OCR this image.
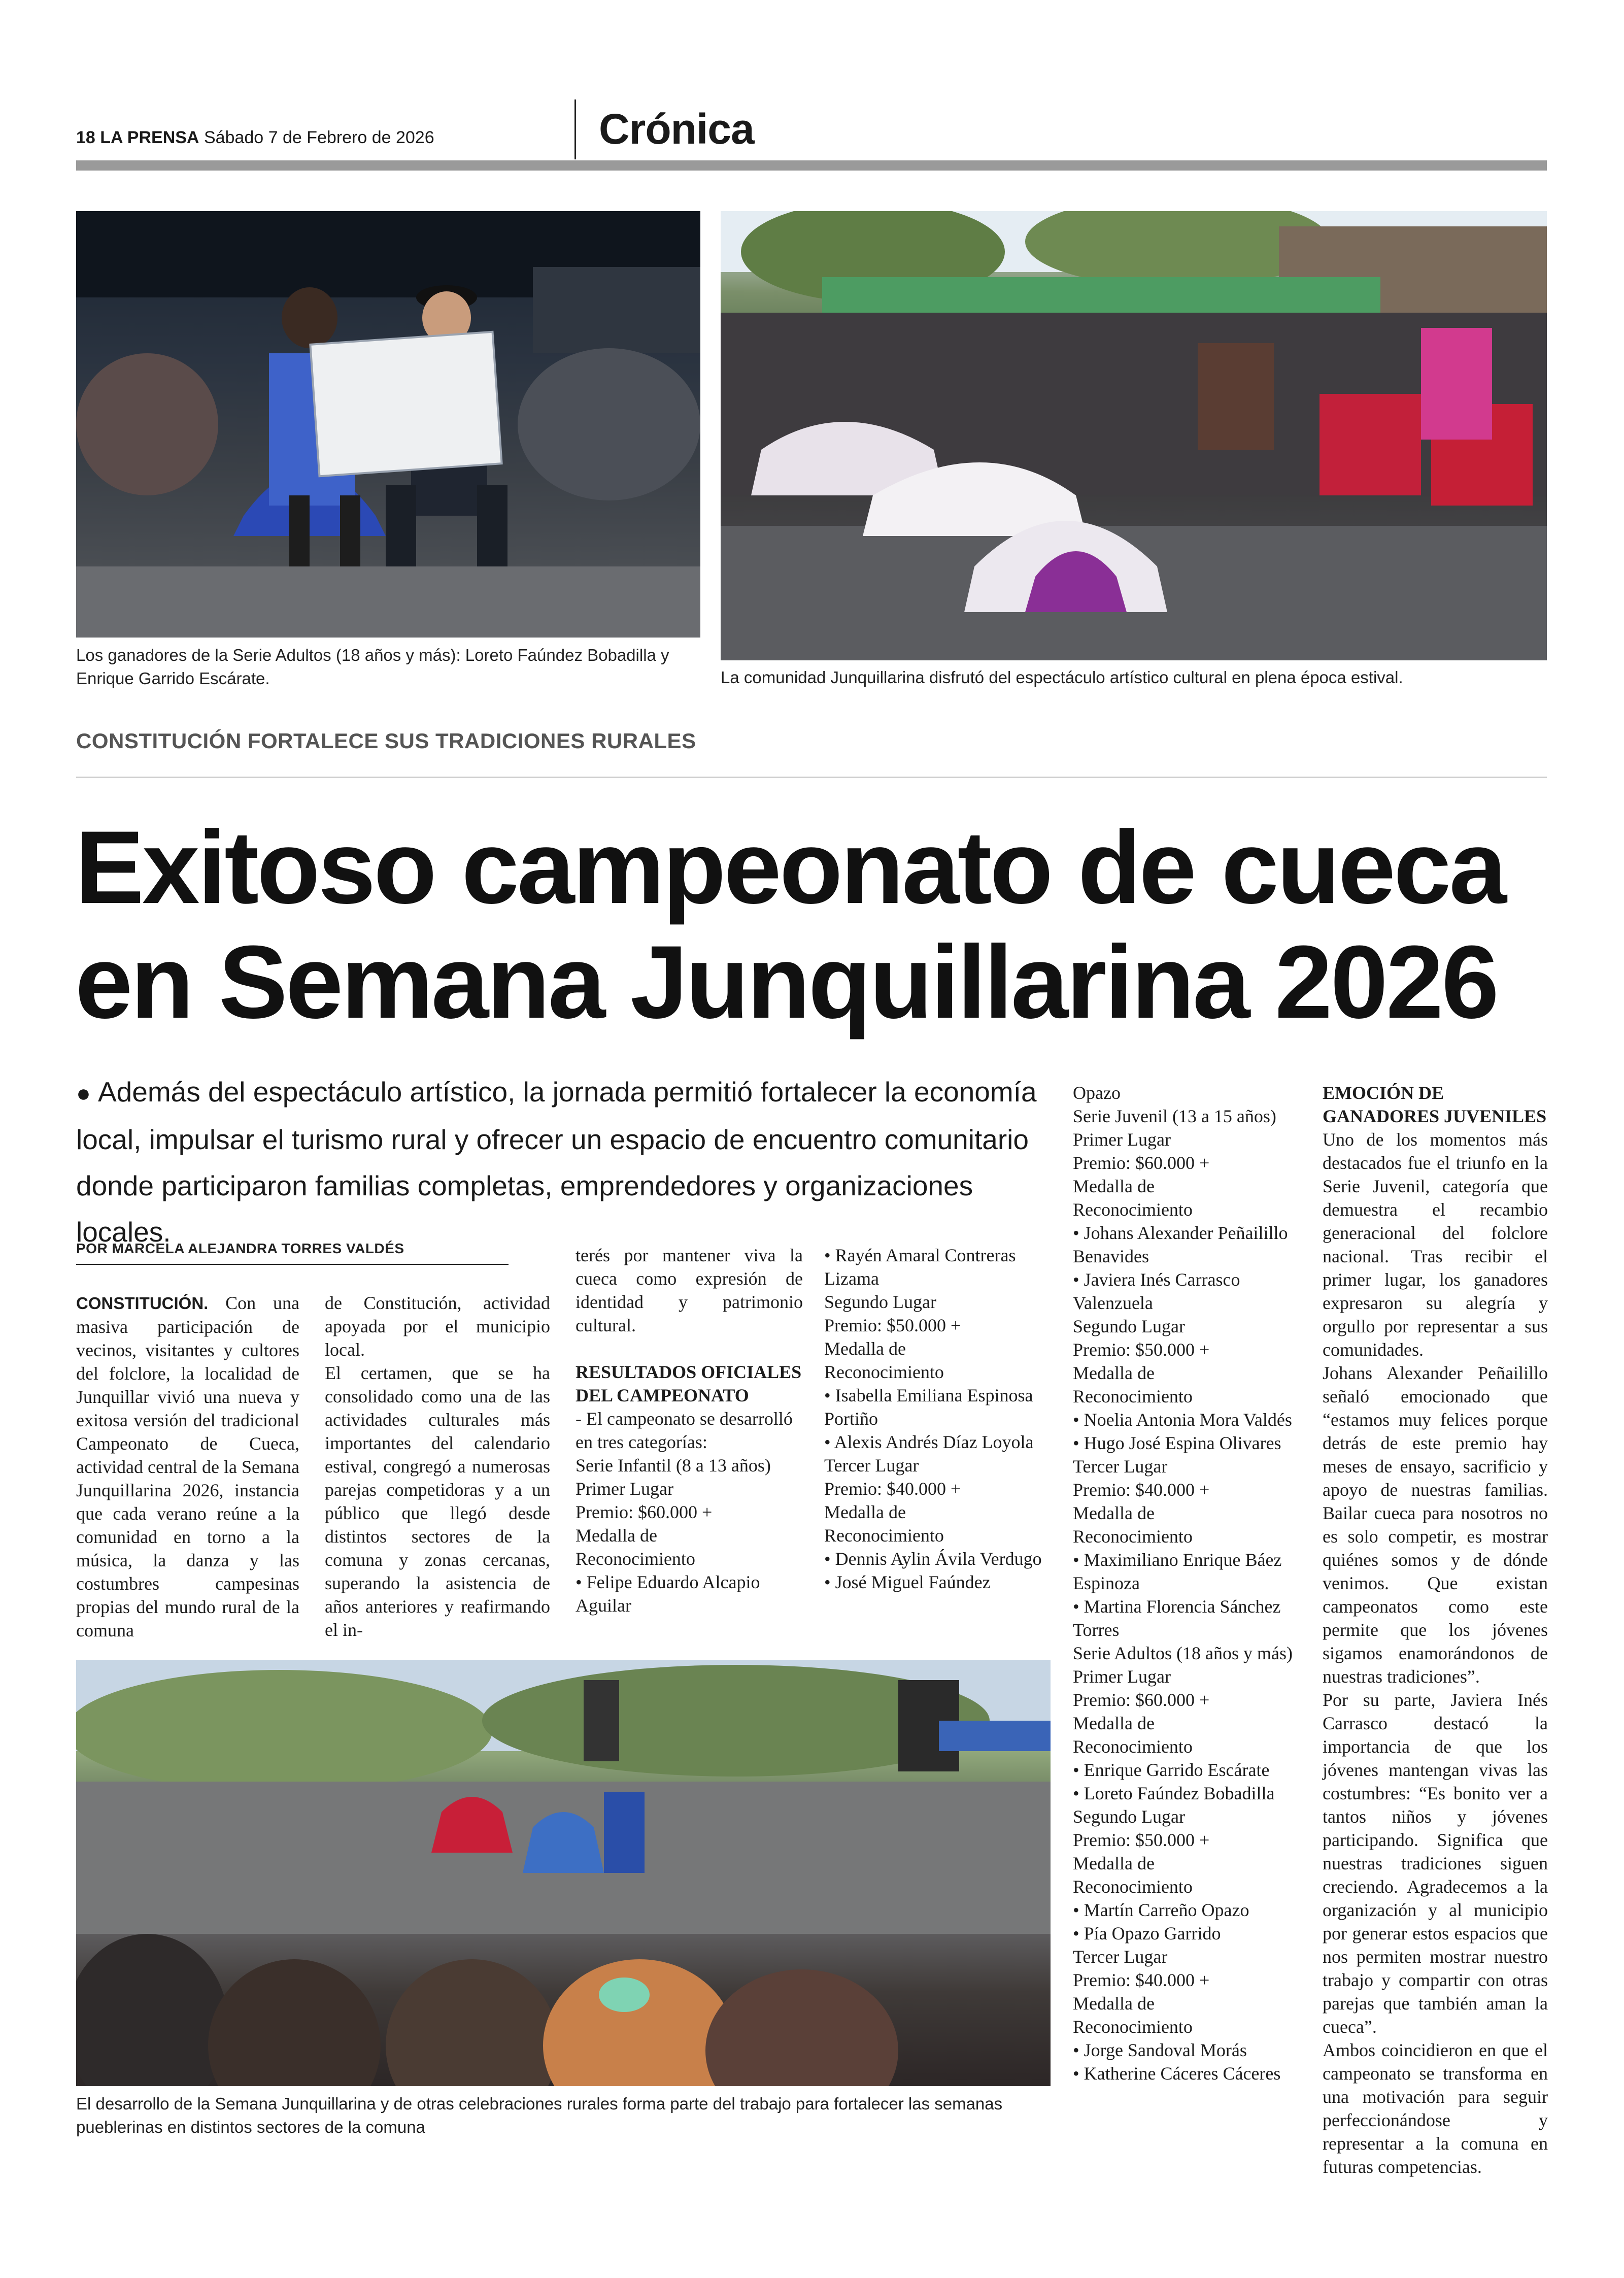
18 LA PRENSA Sábado 7 de Febrero de 2026	Crónica
Los ganadores de la Serie Adultos (18 años y más): Loreto Faúndez Bobadilla y Enrique Garrido Escárate.	La comunidad Junquillarina disfrutó del espectáculo artístico cultural en plena época estival.
CONSTITUCIÓN FORTALECE SUS TRADICIONES RURALES
Exitoso campeonato de cueca
en Semana Junquillarina 2026
● Además del espectáculo artístico, la jornada permitió fortalecer la economía local, impulsar el turismo rural y ofrecer un espacio de encuentro comunitario donde participaron familias completas, emprendedores y organizaciones locales.
POR MARCELA ALEJANDRA TORRES VALDÉS

CONSTITUCIÓN. Con una masiva participación de vecinos, visitantes y cultores del folclore, la localidad de Junquillar vivió una nueva y exitosa versión del tradicional Campeonato de Cueca, actividad central de la Semana Junquillarina 2026, instancia que cada verano reúne a la comunidad en torno a la música, la danza y las costumbres campesinas propias del mundo rural de la comuna

de Constitución, actividad apoyada por el municipio local.

El certamen, que se ha consolidado como una de las actividades culturales más importantes del calendario estival, congregó a numerosas parejas competidoras y a un público que llegó desde distintos sectores de la comuna y zonas cercanas, superando la asistencia de años anteriores y reafirmando el in-

terés por mantener viva la cueca como expresión de identidad y patrimonio cultural.

RESULTADOS OFICIALES DEL CAMPEONATO

- El campeonato se desarrolló en tres categorías:

Serie Infantil (8 a 13 años)
Primer Lugar
Premio: $60.000 +
Medalla de
Reconocimiento
• Felipe Eduardo Alcapio Aguilar
• Rayén Amaral Contreras Lizama
Segundo Lugar
Premio: $50.000 +
Medalla de
Reconocimiento
• Isabella Emiliana Espinosa Portiño
• Alexis Andrés Díaz Loyola
Tercer Lugar
Premio: $40.000 +
Medalla de
Reconocimiento
• Dennis Aylin Ávila Verdugo
• José Miguel Faúndez
Opazo
Serie Juvenil (13 a 15 años)
Primer Lugar
Premio: $60.000 +
Medalla de
Reconocimiento
• Johans Alexander Peñailillo Benavides
• Javiera Inés Carrasco Valenzuela
Segundo Lugar
Premio: $50.000 +
Medalla de
Reconocimiento
• Noelia Antonia Mora Valdés
• Hugo José Espina Olivares
Tercer Lugar
Premio: $40.000 +
Medalla de
Reconocimiento
• Maximiliano Enrique Báez Espinoza
• Martina Florencia Sánchez Torres
Serie Adultos (18 años y más)
Primer Lugar
Premio: $60.000 +
Medalla de
Reconocimiento
• Enrique Garrido Escárate
• Loreto Faúndez Bobadilla
Segundo Lugar
Premio: $50.000 +
Medalla de
Reconocimiento
• Martín Carreño Opazo
• Pía Opazo Garrido
Tercer Lugar
Premio: $40.000 +
Medalla de
Reconocimiento
• Jorge Sandoval Morás
• Katherine Cáceres Cáceres

EMOCIÓN DE GANADORES JUVENILES

Uno de los momentos más destacados fue el triunfo en la Serie Juvenil, categoría que demuestra el recambio generacional del folclore nacional. Tras recibir el primer lugar, los ganadores expresaron su alegría y orgullo por representar a sus comunidades.

Johans Alexander Peñailillo señaló emocionado que “estamos muy felices porque detrás de este premio hay meses de ensayo, sacrificio y apoyo de nuestras familias. Bailar cueca para nosotros no es solo competir, es mostrar quiénes somos y de dónde venimos. Que existan campeonatos como este permite que los jóvenes sigamos enamorándonos de nuestras tradiciones”.

Por su parte, Javiera Inés Carrasco destacó la importancia de que los jóvenes mantengan vivas las costumbres: “Es bonito ver a tantos niños y jóvenes participando. Significa que nuestras tradiciones siguen creciendo. Agradecemos a la organización y al municipio por generar estos espacios que nos permiten mostrar nuestro trabajo y compartir con otras parejas que también aman la cueca”.

Ambos coincidieron en que el campeonato se transforma en una motivación para seguir perfeccionándose y representar a la comuna en futuras competencias.

El desarrollo de la Semana Junquillarina y de otras celebraciones rurales forma parte del trabajo para fortalecer las semanas pueblerinas en distintos sectores de la comuna
